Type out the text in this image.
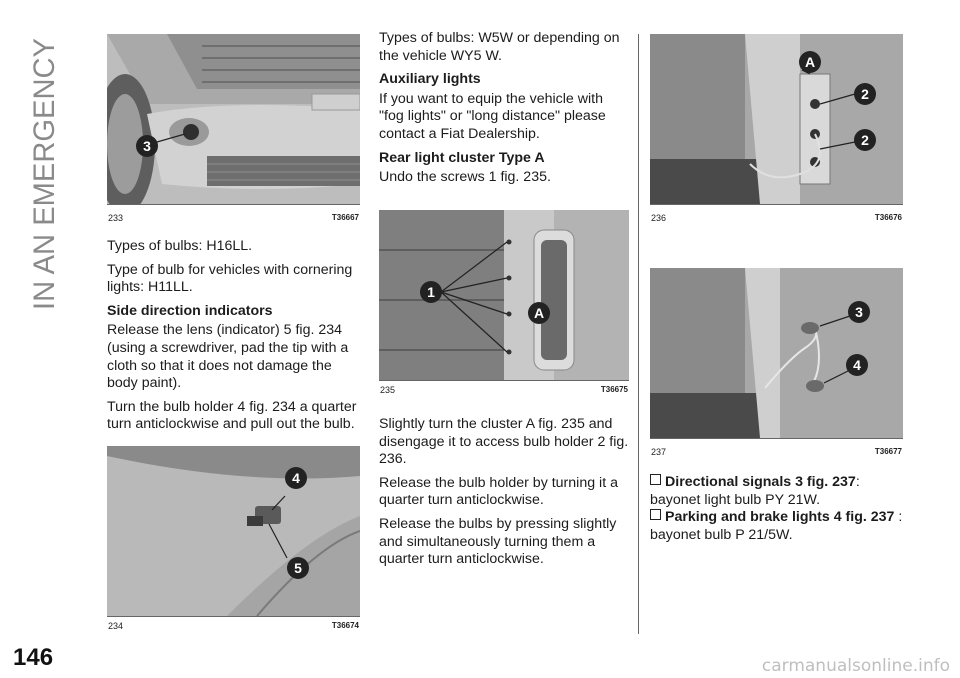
IN AN EMERGENCY	3
233	T36667

Types of bulbs: H16LL.

Type of bulb for vehicles with cornering lights: H11LL.

Side direction indicators

Release the lens (indicator) 5 fig. 234 (using a screwdriver, pad the tip with a cloth so that it does not damage the body paint).

Turn the bulb holder 4 fig. 234 a quarter turn anticlockwise and pull out the bulb.

4
5
234	T36674

Types of bulbs: W5W or depending on the vehicle WY5 W.

Auxiliary lights

If you want to equip the vehicle with "fog lights" or "long distance" please contact a Fiat Dealership.

Rear light cluster Type A

Undo the screws 1 fig. 235.

1
A
235	T36675

Slightly turn the cluster A fig. 235 and disengage it to access bulb holder 2 fig. 236.

Release the bulb holder by turning it a quarter turn anticlockwise.

Release the bulbs by pressing slightly and simultaneously turning them a quarter turn anticlockwise.

A
2
2
236	T36676
3
4
237	T36677
Directional signals 3 fig. 237: bayonet light bulb PY 21W.
Parking and brake lights 4 fig. 237 : bayonet bulb P 21/5W.
146	carmanualsonline.info
